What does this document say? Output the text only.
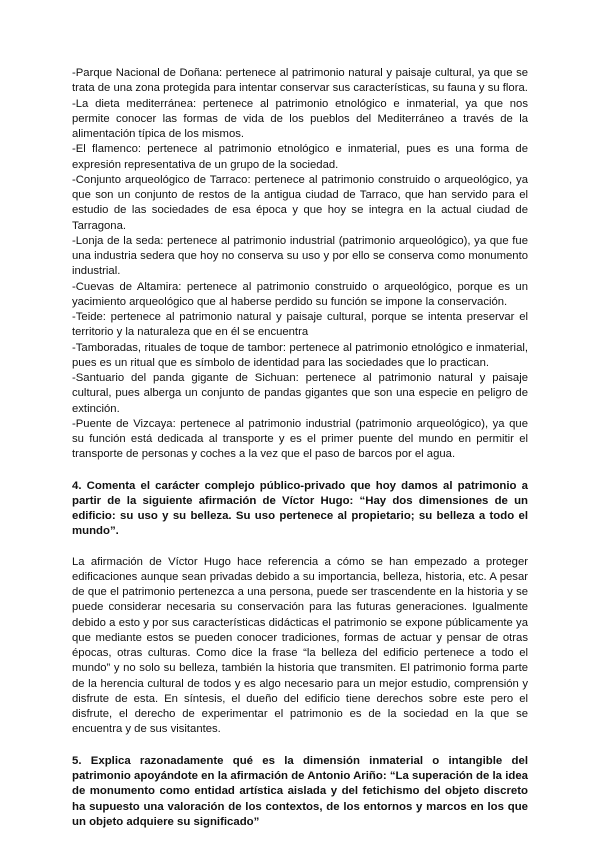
-Parque Nacional de Doñana: pertenece al patrimonio natural y paisaje cultural, ya que se trata de una zona protegida para intentar conservar sus características, su fauna y su flora.

-La dieta mediterránea: pertenece al patrimonio etnológico e inmaterial, ya que nos permite conocer las formas de vida de los pueblos del Mediterráneo a través de la alimentación típica de los mismos.

-El flamenco: pertenece al patrimonio etnológico e inmaterial, pues es una forma de expresión representativa de un grupo de la sociedad.

-Conjunto arqueológico de Tarraco: pertenece al patrimonio construido o arqueológico, ya que son un conjunto de restos de la antigua ciudad de Tarraco, que han servido para el estudio de las sociedades de esa época y que hoy se integra en la actual ciudad de Tarragona.

-Lonja de la seda: pertenece al patrimonio industrial (patrimonio arqueológico), ya que fue una industria sedera que hoy no conserva su uso y por ello se conserva como monumento industrial.

-Cuevas de Altamira: pertenece al patrimonio construido o arqueológico, porque es un yacimiento arqueológico que al haberse perdido su función se impone la conservación.

-Teide: pertenece al patrimonio natural y paisaje cultural, porque se intenta preservar el territorio y la naturaleza que en él se encuentra

-Tamboradas, rituales de toque de tambor: pertenece al patrimonio etnológico e inmaterial, pues es un ritual que es símbolo de identidad para las sociedades que lo practican.

-Santuario del panda gigante de Sichuan: pertenece al patrimonio natural y paisaje cultural, pues alberga un conjunto de pandas gigantes que son una especie en peligro de extinción.

-Puente de Vizcaya: pertenece al patrimonio industrial (patrimonio arqueológico), ya que su función está dedicada al transporte y es el primer puente del mundo en permitir el transporte de personas y coches a la vez que el paso de barcos por el agua.

4. Comenta el carácter complejo público-privado que hoy damos al patrimonio a partir de la siguiente afirmación de Víctor Hugo: “Hay dos dimensiones de un edificio: su uso y su belleza. Su uso pertenece al propietario; su belleza a todo el mundo”.

La afirmación de Víctor Hugo hace referencia a cómo se han empezado a proteger edificaciones aunque sean privadas debido a su importancia, belleza, historia, etc. A pesar de que el patrimonio pertenezca a una persona, puede ser trascendente en la historia y se puede considerar necesaria su conservación para las futuras generaciones. Igualmente debido a esto y por sus características didácticas el patrimonio se expone públicamente ya que mediante estos se pueden conocer tradiciones, formas de actuar y pensar de otras épocas, otras culturas. Como dice la frase “la belleza del edificio pertenece a todo el mundo” y no solo su belleza, también la historia que transmiten. El patrimonio forma parte de la herencia cultural de todos y es algo necesario para un mejor estudio, comprensión y disfrute de esta. En síntesis, el dueño del edificio tiene derechos sobre este pero el disfrute, el derecho de experimentar el patrimonio es de la sociedad en la que se encuentra y de sus visitantes.

5. Explica razonadamente qué es la dimensión inmaterial o intangible del patrimonio apoyándote en la afirmación de Antonio Ariño: “La superación de la idea de monumento como entidad artística aislada y del fetichismo del objeto discreto ha supuesto una valoración de los contextos, de los entornos y marcos en los que un objeto adquiere su significado”
